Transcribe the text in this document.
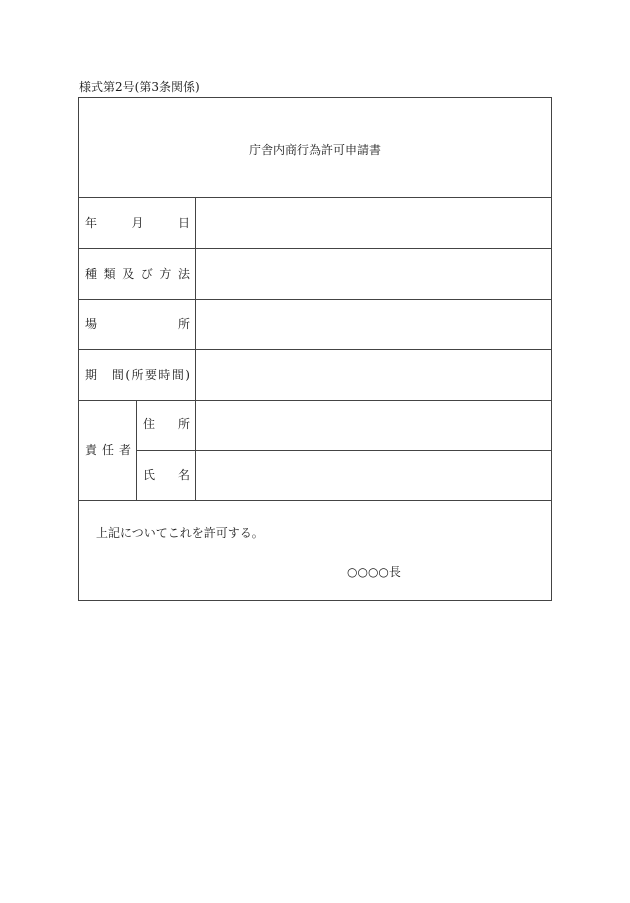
様式第2号(第3条関係)
庁舎内商行為許可申請書
年　　月　　日
種類及び方法
場　　所
期　間(所要時間)
責任者
住　所
氏　名
上記についてこれを許可する。
○○○○長
